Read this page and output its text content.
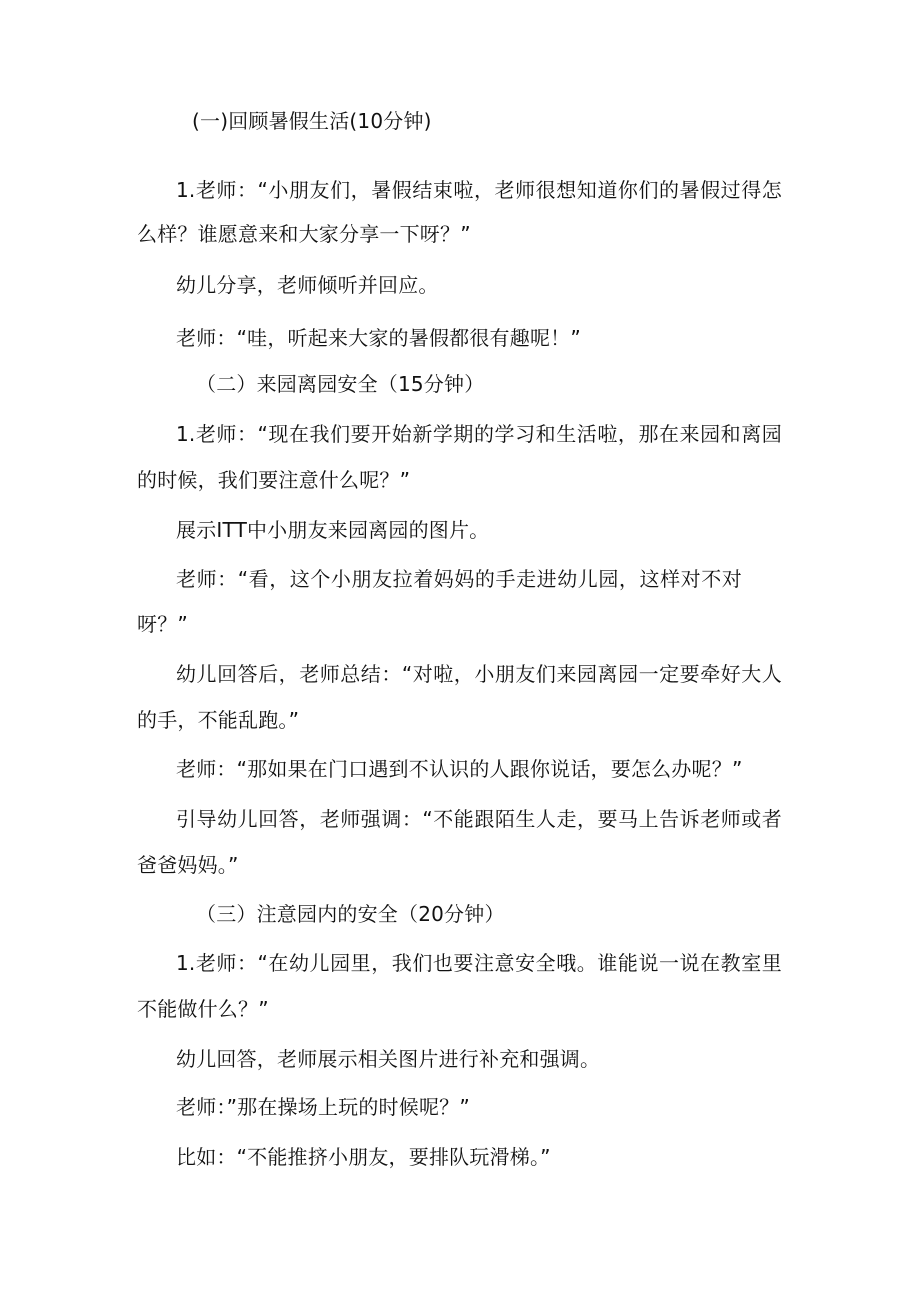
(一)回顾暑假生活(10分钟)
1.老师：“小朋友们，暑假结束啦，老师很想知道你们的暑假过得怎
么样？谁愿意来和大家分享一下呀？”
幼儿分享，老师倾听并回应。
老师：“哇，听起来大家的暑假都很有趣呢！”
（二）来园离园安全（15分钟）
1.老师：“现在我们要开始新学期的学习和生活啦，那在来园和离园
的时候，我们要注意什么呢？”
展示ITT中小朋友来园离园的图片。
老师：“看，这个小朋友拉着妈妈的手走进幼儿园，这样对不对
呀？”
幼儿回答后，老师总结：“对啦，小朋友们来园离园一定要牵好大人
的手，不能乱跑。”
老师：“那如果在门口遇到不认识的人跟你说话，要怎么办呢？”
引导幼儿回答，老师强调：“不能跟陌生人走，要马上告诉老师或者
爸爸妈妈。”
（三）注意园内的安全（20分钟）
1.老师：“在幼儿园里，我们也要注意安全哦。谁能说一说在教室里
不能做什么？”
幼儿回答，老师展示相关图片进行补充和强调。
老师：”那在操场上玩的时候呢？”
比如：“不能推挤小朋友，要排队玩滑梯。”
